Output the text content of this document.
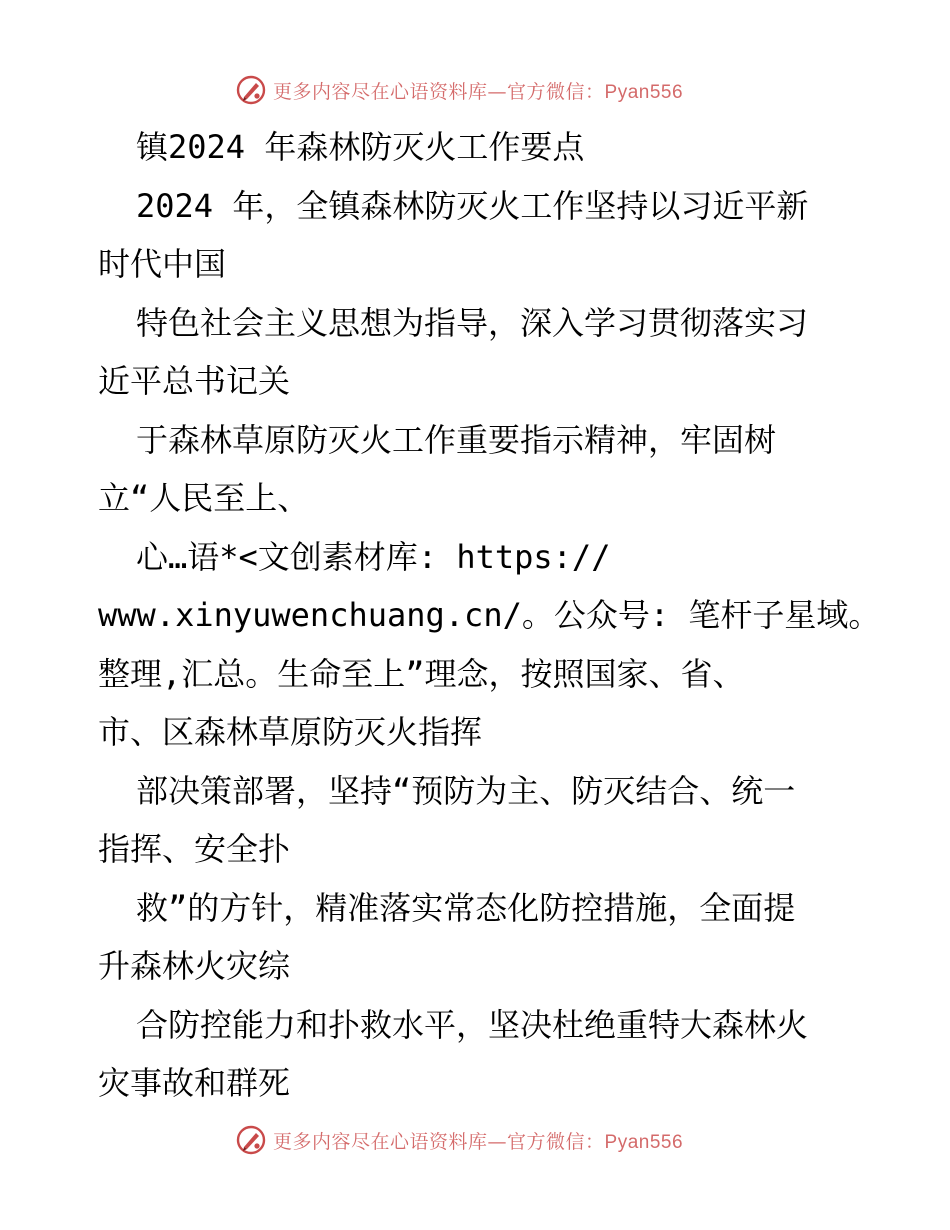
更多内容尽在心语资料库—官方微信：Pyan556
镇2024 年森林防灭火工作要点
2024 年，全镇森林防灭火工作坚持以习近平新
时代中国
特色社会主义思想为指导，深入学习贯彻落实习
近平总书记关
于森林草原防灭火工作重要指示精神，牢固树
立“人民至上、
心…语*<文创素材库: https://
www.xinyuwenchuang.cn/。公众号: 笔杆子星域。
整理,汇总。生命至上”理念，按照国家、省、
市、区森林草原防灭火指挥
部决策部署，坚持“预防为主、防灭结合、统一
指挥、安全扑
救”的方针，精准落实常态化防控措施，全面提
升森林火灾综
合防控能力和扑救水平，坚决杜绝重特大森林火
灾事故和群死
更多内容尽在心语资料库—官方微信：Pyan556
